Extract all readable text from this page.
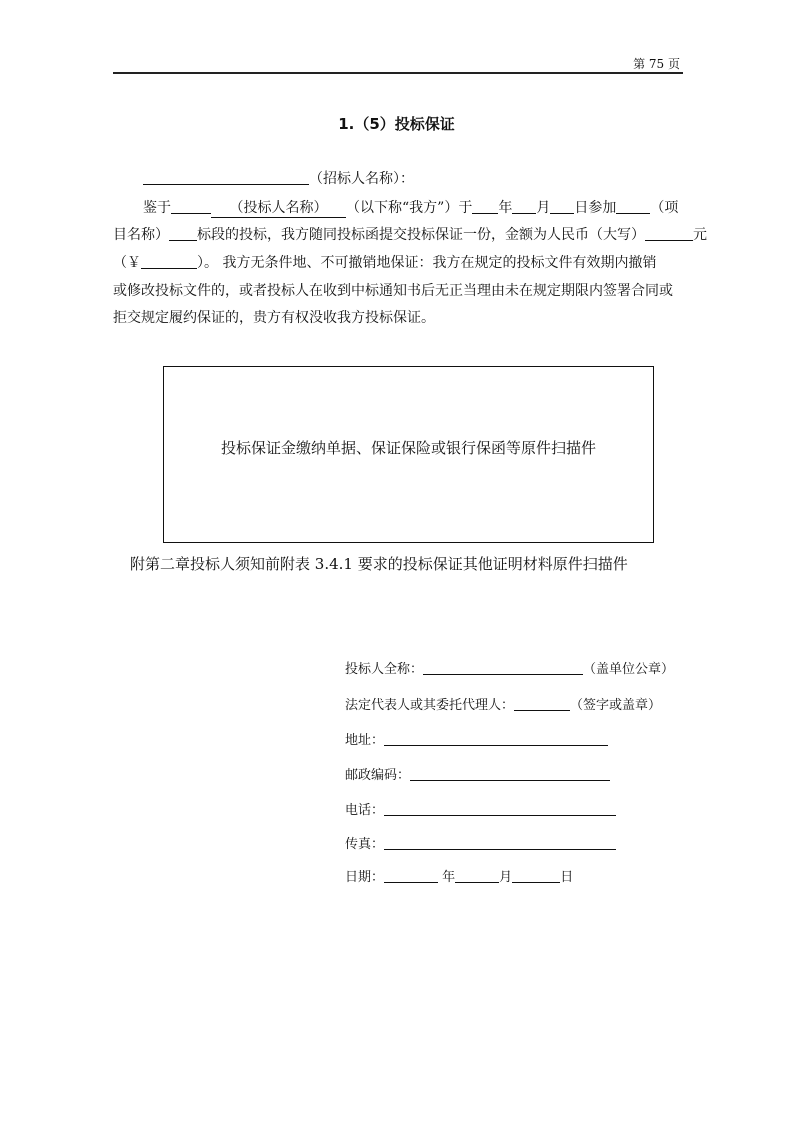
第 75 页
1.（5）投标保证
（招标人名称）：
鉴于	（投标人名称） （以下称“我方”）于 年 月 日参加 （项
目名称） 标段的投标，我方随同投标函提交投标保证一份，金额为人民币（大写）	元
（￥	）。 我方无条件地、不可撤销地保证：我方在规定的投标文件有效期内撤销
或修改投标文件的，或者投标人在收到中标通知书后无正当理由未在规定期限内签署合同或
拒交规定履约保证的，贵方有权没收我方投标保证。
投标保证金缴纳单据、保证保险或银行保函等原件扫描件
附第二章投标人须知前附表 3.4.1 要求的投标保证其他证明材料原件扫描件
投标人全称：	（盖单位公章）
法定代表人或其委托代理人：	（签字或盖章）
地址：
邮政编码：
电话：
传真：
日期：	年	月	日
